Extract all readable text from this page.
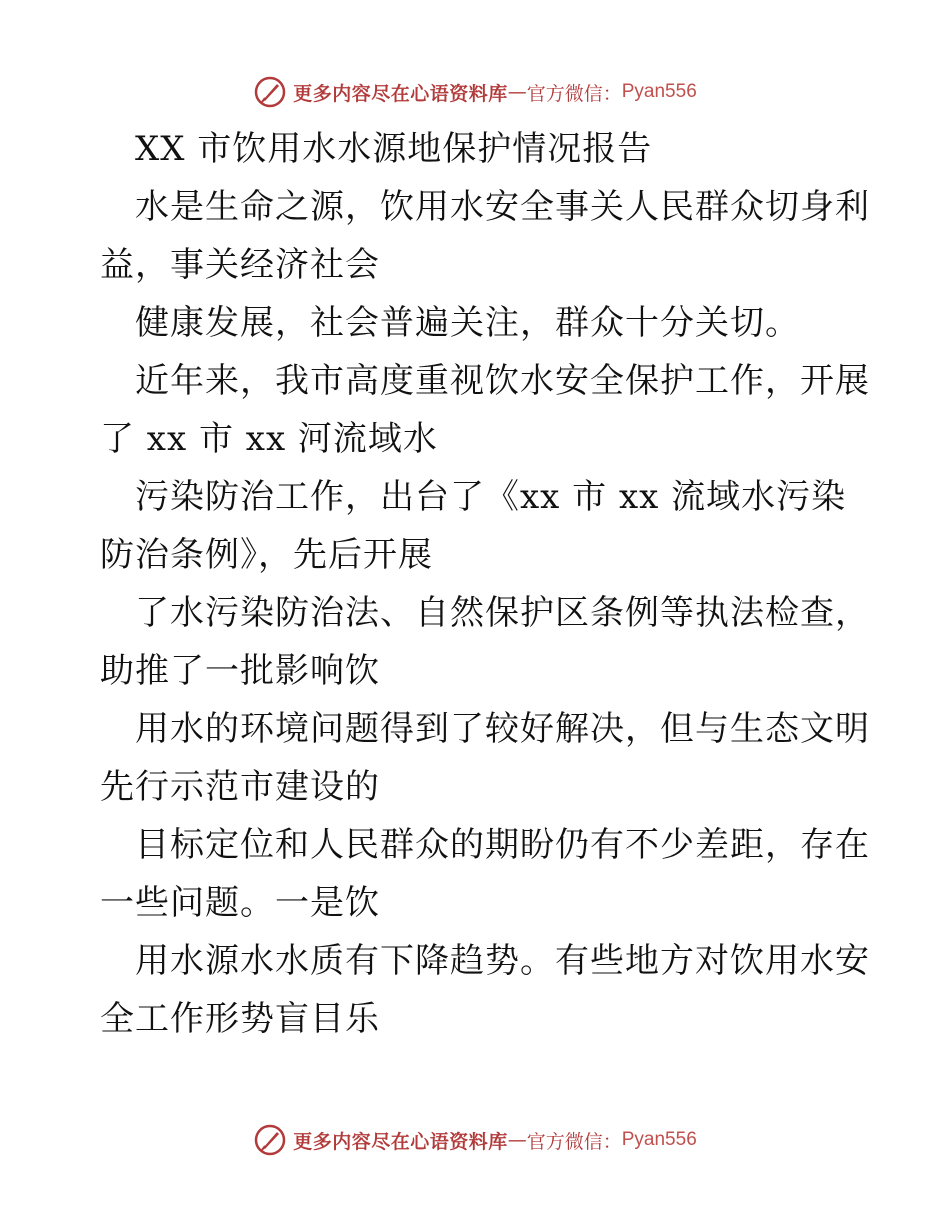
更多内容尽在心语资料库 — 官方微信： Pyan556
XX 市饮用水水源地保护情况报告
水是生命之源，饮用水安全事关人民群众切身利
益，事关经济社会
健康发展，社会普遍关注，群众十分关切。
近年来，我市高度重视饮水安全保护工作，开展
了 xx 市 xx 河流域水
污染防治工作，出台了《xx 市 xx 流域水污染
防治条例》，先后开展
了水污染防治法、自然保护区条例等执法检查，
助推了一批影响饮
用水的环境问题得到了较好解决，但与生态文明
先行示范市建设的
目标定位和人民群众的期盼仍有不少差距，存在
一些问题。一是饮
用水源水水质有下降趋势。有些地方对饮用水安
全工作形势盲目乐
更多内容尽在心语资料库 — 官方微信： Pyan556
